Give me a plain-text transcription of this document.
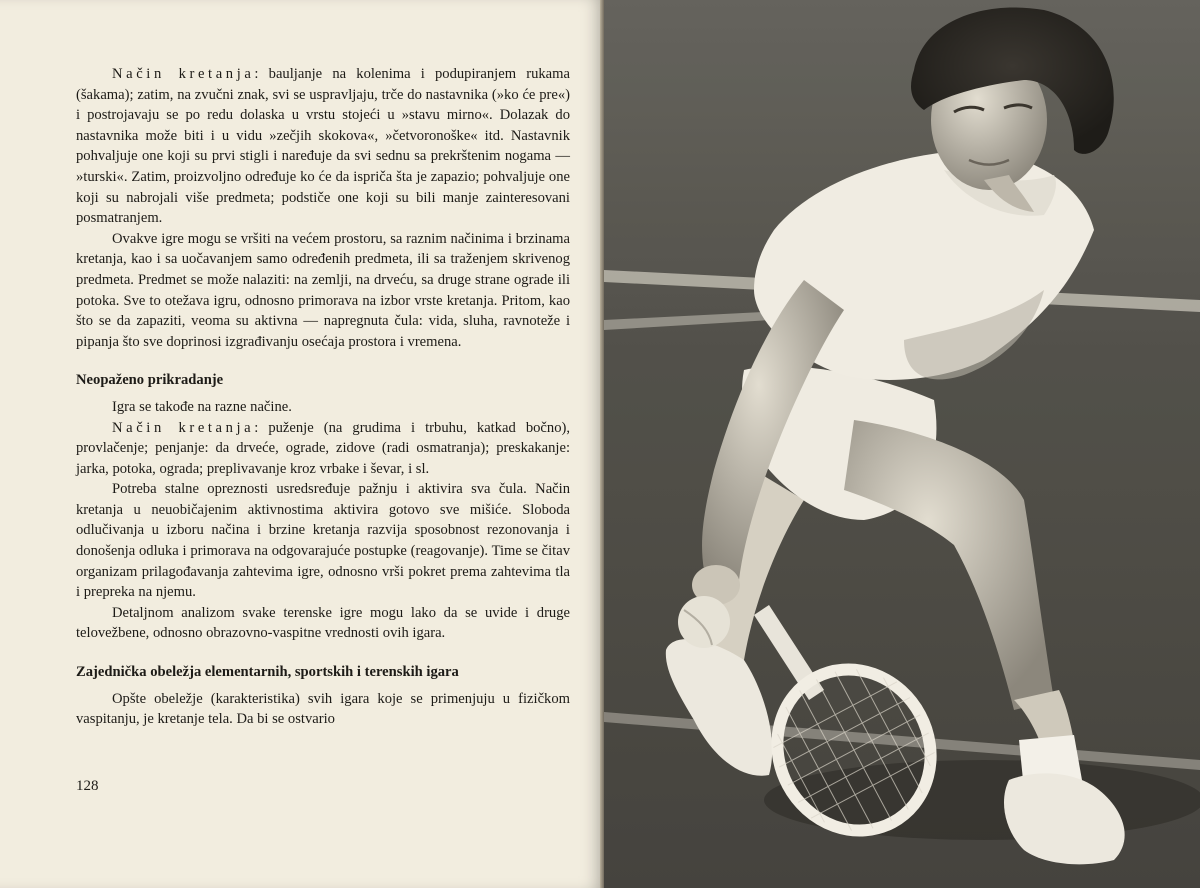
Način kretanja: bauljanje na kolenima i podupiranjem rukama (šakama); zatim, na zvučni znak, svi se uspravljaju, trče do nastavnika (»ko će pre«) i postrojavaju se po redu dolaska u vrstu stojeći u »stavu mirno«. Dolazak do nastavnika može biti i u vidu »zečjih skokova«, »četvoronoške« itd. Nastavnik pohvaljuje one koji su prvi stigli i naređuje da svi sednu sa prekrštenim nogama — »turski«. Zatim, proizvoljno određuje ko će da ispriča šta je zapazio; pohvaljuje one koji su nabrojali više predmeta; podstiče one koji su bili manje zainteresovani posmatranjem.

Ovakve igre mogu se vršiti na većem prostoru, sa raznim načinima i brzinama kretanja, kao i sa uočavanjem samo određenih predmeta, ili sa traženjem skrivenog predmeta. Predmet se može nalaziti: na zemlji, na drveću, sa druge strane ograde ili potoka. Sve to otežava igru, odnosno primorava na izbor vrste kretanja. Pritom, kao što se da zapaziti, veoma su aktivna — napregnuta čula: vida, sluha, ravnoteže i pipanja što sve doprinosi izgrađivanju osećaja prostora i vremena.

Neopaženo prikradanje

Igra se takođe na razne načine.

Način kretanja: puženje (na grudima i trbuhu, katkad bočno), provlačenje; penjanje: da drveće, ograde, zidove (radi osmatranja); preskakanje: jarka, potoka, ograda; preplivavanje kroz vrbake i ševar, i sl.

Potreba stalne opreznosti usredsređuje pažnju i aktivira sva čula. Način kretanja u neuobičajenim aktivnostima aktivira gotovo sve mišiće. Sloboda odlučivanja u izboru načina i brzine kretanja razvija sposobnost rezonovanja i donošenja odluka i primorava na odgovarajuće postupke (reagovanje). Time se čitav organizam prilagođavanja zahtevima igre, odnosno vrši pokret prema zahtevima tla i prepreka na njemu.

Detaljnom analizom svake terenske igre mogu lako da se uvide i druge telovežbene, odnosno obrazovno-vaspitne vrednosti ovih igara.

Zajednička obeležja elementarnih, sportskih i terenskih igara

Opšte obeležje (karakteristika) svih igara koje se primenjuju u fizičkom vaspitanju, je kretanje tela. Da bi se ostvario

128
